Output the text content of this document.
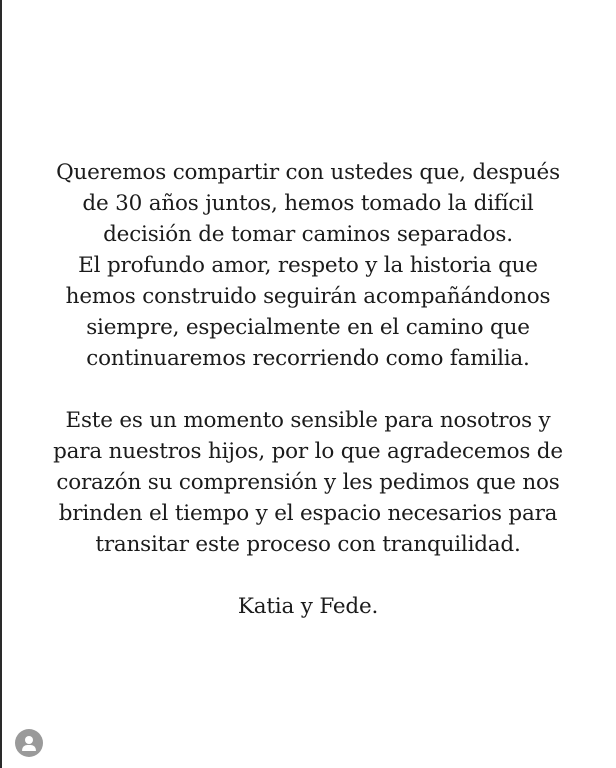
Queremos compartir con ustedes que, después
de 30 años juntos, hemos tomado la difícil
decisión de tomar caminos separados.
El profundo amor, respeto y la historia que
hemos construido seguirán acompañándonos
siempre, especialmente en el camino que
continuaremos recorriendo como familia.
Este es un momento sensible para nosotros y
para nuestros hijos, por lo que agradecemos de
corazón su comprensión y les pedimos que nos
brinden el tiempo y el espacio necesarios para
transitar este proceso con tranquilidad.
Katia y Fede.
